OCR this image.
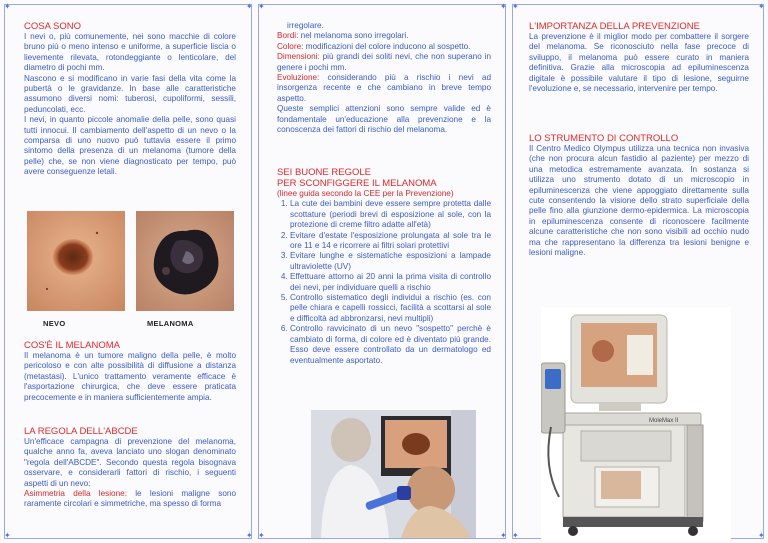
✦	✦
✦	✦
COSA SONO

I nevi o, più comunemente, nei sono macchie di colore bruno più o meno intenso e uniforme, a superficie liscia o lievemente rilevata, rotondeggiante o lenticolare, del diametro di pochi mm.

Nascono e si modificano in varie fasi della vita come la pubertà o le gravidanze. In base alle caratteristiche assumono diversi nomi: tuberosi, cupoliformi, sessili, peduncolati, ecc.

I nevi, in quanto piccole anomalie della pelle, sono quasi tutti innocui. Il cambiamento dell'aspetto di un nevo o la comparsa di uno nuovo può tuttavia essere il primo sintomo della presenza di un melanoma (tumore della pelle) che, se non viene diagnosticato per tempo, può avere conseguenze letali.

NEVO	MELANOMA
COS'È IL MELANOMA

Il melanoma è un tumore maligno della pelle, è molto pericoloso e con alte possibilità di diffusione a distanza (metastasi). L'unico trattamento veramente efficace è l'asportazione chirurgica, che deve essere praticata precocemente e in maniera sufficientemente ampia.

LA REGOLA DELL'ABCDE

Un'efficace campagna di prevenzione del melanoma, qualche anno fa, aveva lanciato uno slogan denominato "regola dell'ABCDE". Secondo questa regola bisognava osservare, e considerarli fattori di rischio, i seguenti aspetti di un nevo:

Asimmetria della lesione: le lesioni maligne sono raramente circolari e simmetriche, ma spesso di forma

✦	✦
✦	✦

irregolare.

Bordi: nel melanoma sono irregolari.

Colore: modificazioni del colore inducono al sospetto.

Dimensioni: più grandi dei soliti nevi, che non superano in genere i pochi mm.

Evoluzione: considerando più a rischio i nevi ad insorgenza recente e che cambiano in breve tempo aspetto.

Queste semplici attenzioni sono sempre valide ed è fondamentale un'educazione alla prevenzione e la conoscenza dei fattori di rischio del melanoma.

SEI BUONE REGOLE
PER SCONFIGGERE IL MELANOMA
(linee guida secondo la CEE per la Prevenzione)
1. La cute dei bambini deve essere sempre protetta dalle scottature (periodi brevi di esposizione al sole, con la protezione di creme filtro adatte all'età)
2. Evitare d'estate l'esposizione prolungata al sole tra le ore 11 e 14 e ricorrere ai filtri solari protettivi
3. Evitare lunghe e sistematiche esposizioni a lampade ultraviolette (UV)
4. Effettuare attorno ai 20 anni la prima visita di controllo dei nevi, per individuare quelli a rischio
5. Controllo sistematico degli individui a rischio (es. con pelle chiara e capelli rossicci, facilità a scottarsi al sole e difficoltà ad abbronzarsi, nevi multipli)
6. Controllo ravvicinato di un nevo "sospetto" perchè è cambiato di forma, di colore ed è diventato più grande. Esso deve essere controllato da un dermatologo ed eventualmente asportato.
✦	✦
✦	✦
L'IMPORTANZA DELLA PREVENZIONE

La prevenzione è il miglior modo per combattere il sorgere del melanoma. Se riconosciuto nella fase precoce di sviluppo, il melanoma può essere curato in maniera definitiva. Grazie alla microscopia ad epiluminescenza digitale è possibile valutare il tipo di lesione, seguirne l'evoluzione e, se necessario, intervenire per tempo.

LO STRUMENTO DI CONTROLLO

Il Centro Medico Olympus utilizza una tecnica non invasiva (che non procura alcun fastidio al paziente) per mezzo di una metodica estremamente avanzata. In sostanza si utilizza uno strumento dotato di un microscopio in epiluminescenza che viene appoggiato direttamente sulla cute consentendo la visione dello strato superficiale della pelle fino alla giunzione dermo-epidermica. La microscopia in epiluminescenza consente di riconoscere facilmente alcune caratteristiche che non sono visibili ad occhio nudo ma che rappresentano la differenza tra lesioni benigne e lesioni maligne.

MoleMax II
